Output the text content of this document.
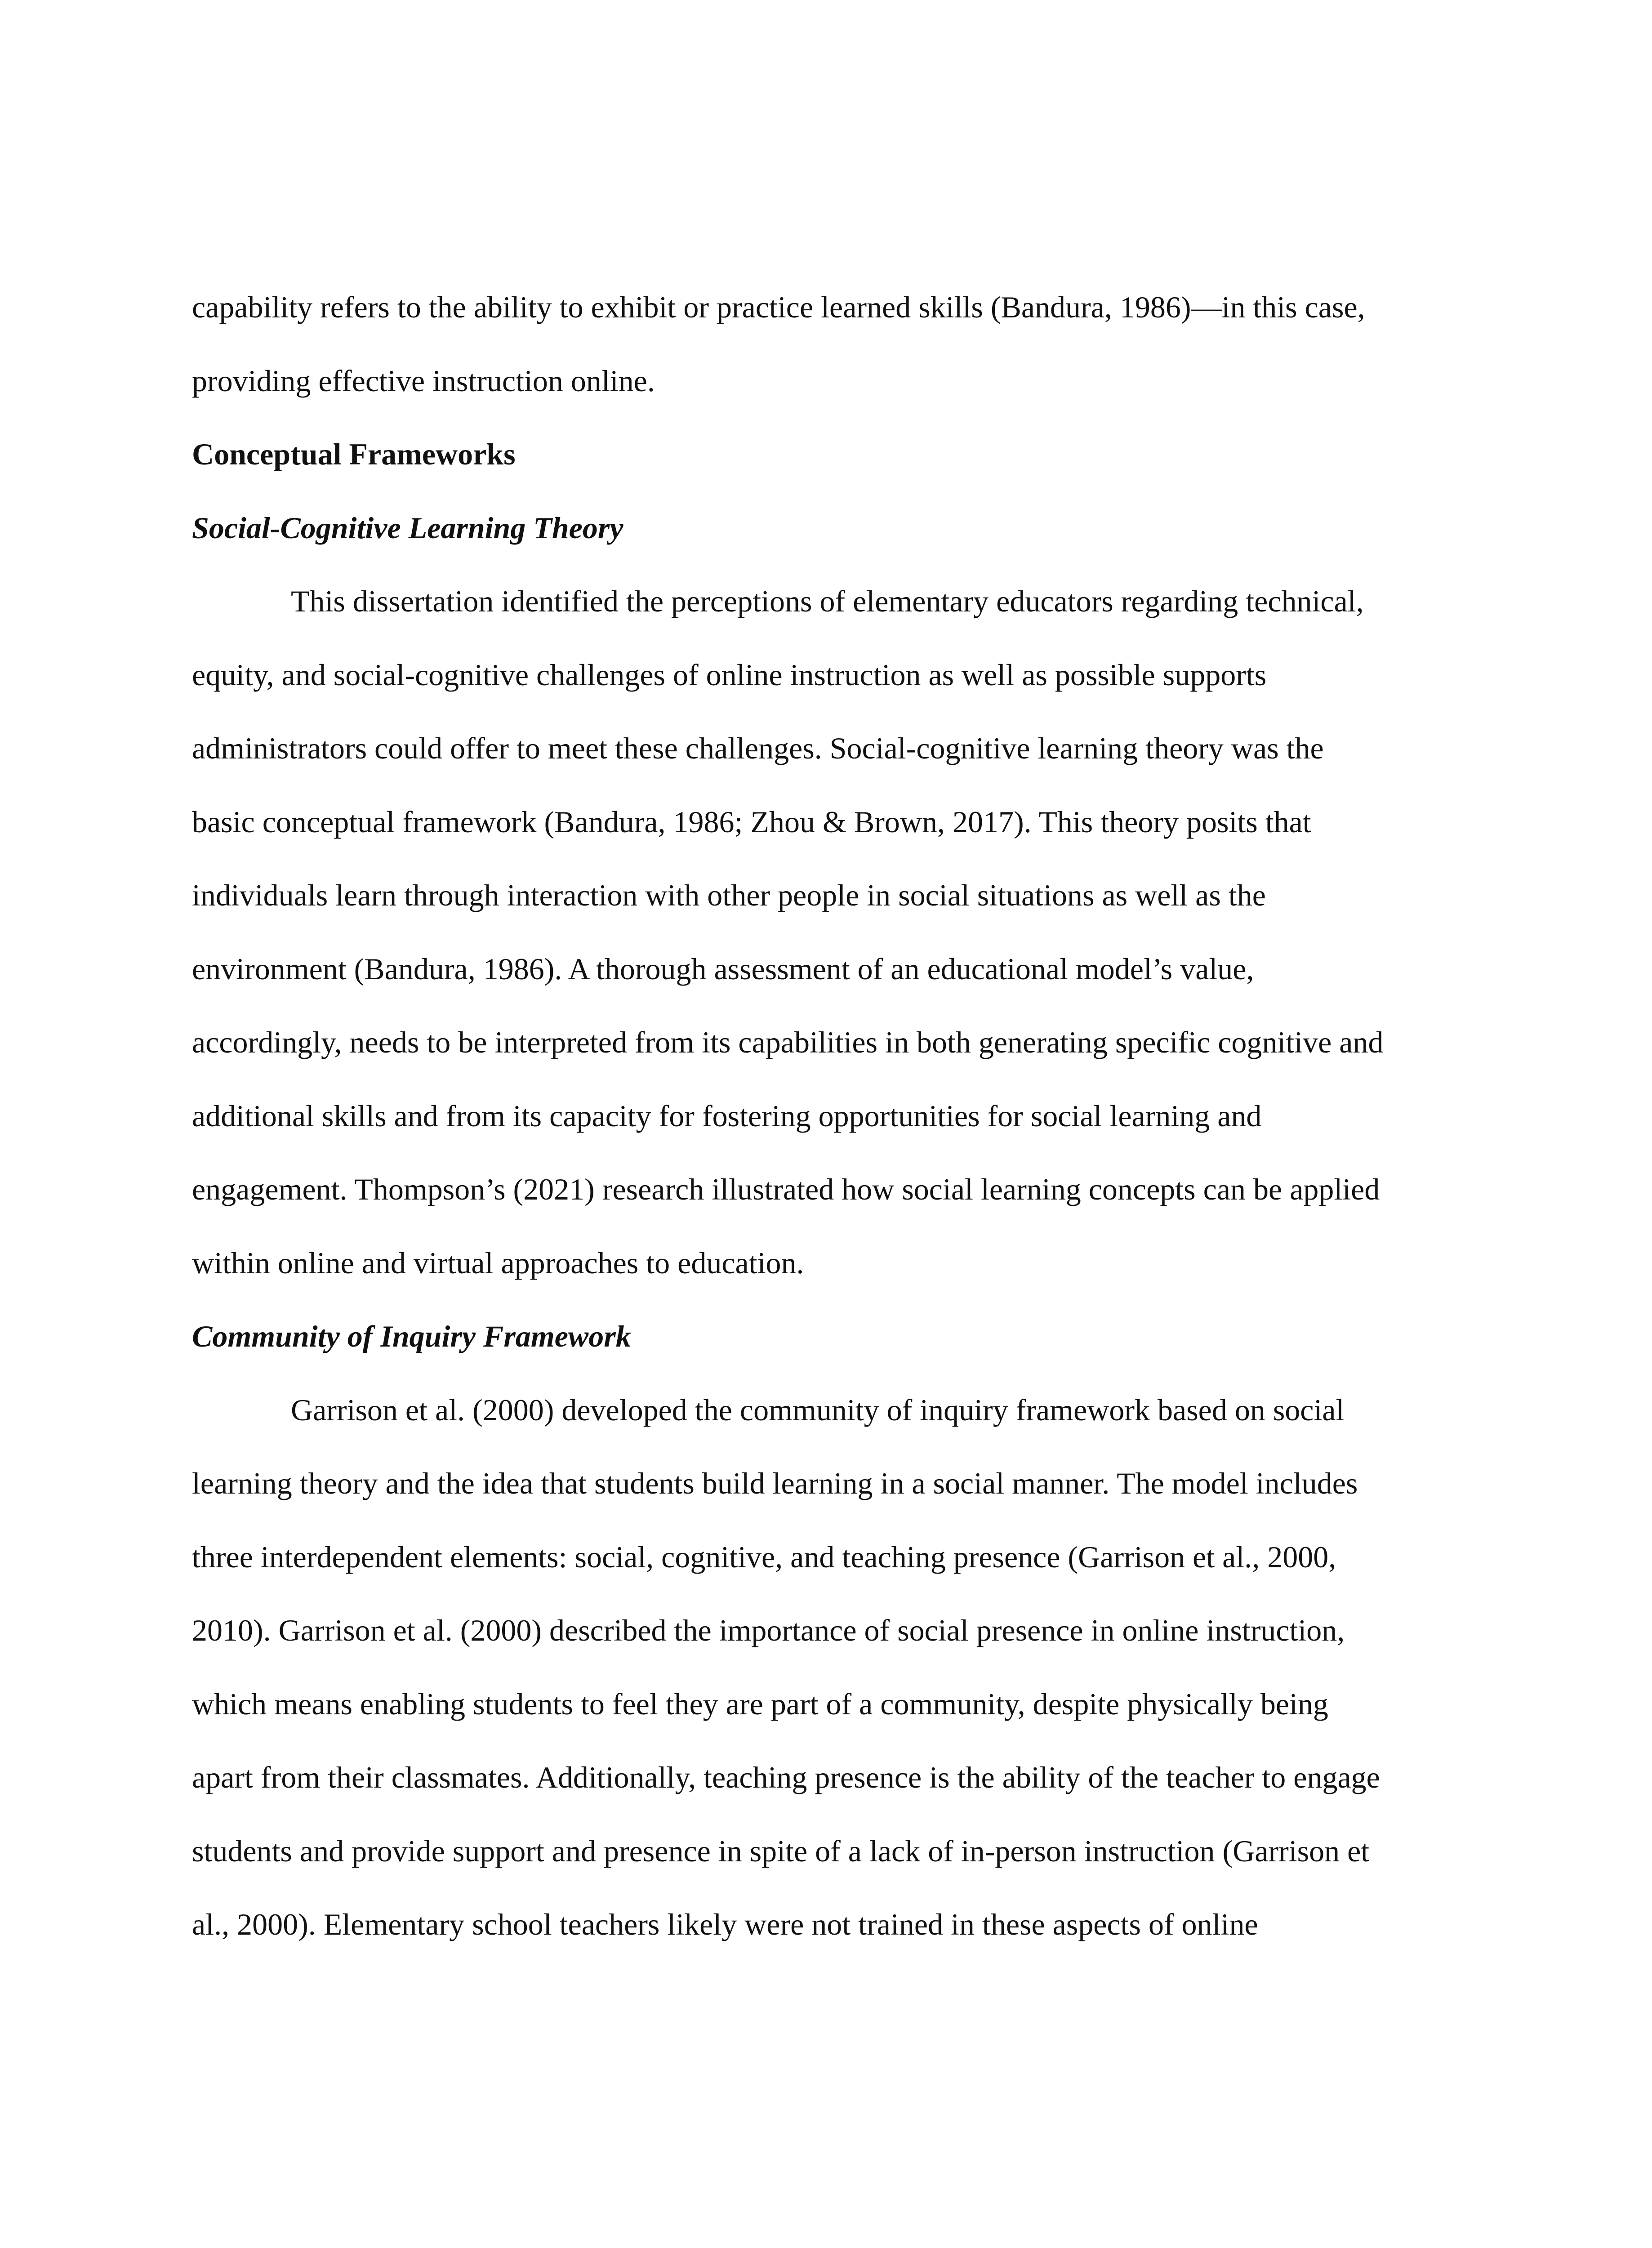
capability refers to the ability to exhibit or practice learned skills (Bandura, 1986)—in this case,
providing effective instruction online.
Conceptual Frameworks
Social-Cognitive Learning Theory
This dissertation identified the perceptions of elementary educators regarding technical,
equity, and social-cognitive challenges of online instruction as well as possible supports
administrators could offer to meet these challenges. Social-cognitive learning theory was the
basic conceptual framework (Bandura, 1986; Zhou & Brown, 2017). This theory posits that
individuals learn through interaction with other people in social situations as well as the
environment (Bandura, 1986). A thorough assessment of an educational model’s value,
accordingly, needs to be interpreted from its capabilities in both generating specific cognitive and
additional skills and from its capacity for fostering opportunities for social learning and
engagement. Thompson’s (2021) research illustrated how social learning concepts can be applied
within online and virtual approaches to education.
Community of Inquiry Framework
Garrison et al. (2000) developed the community of inquiry framework based on social
learning theory and the idea that students build learning in a social manner. The model includes
three interdependent elements: social, cognitive, and teaching presence (Garrison et al., 2000,
2010). Garrison et al. (2000) described the importance of social presence in online instruction,
which means enabling students to feel they are part of a community, despite physically being
apart from their classmates. Additionally, teaching presence is the ability of the teacher to engage
students and provide support and presence in spite of a lack of in-person instruction (Garrison et
al., 2000). Elementary school teachers likely were not trained in these aspects of online
